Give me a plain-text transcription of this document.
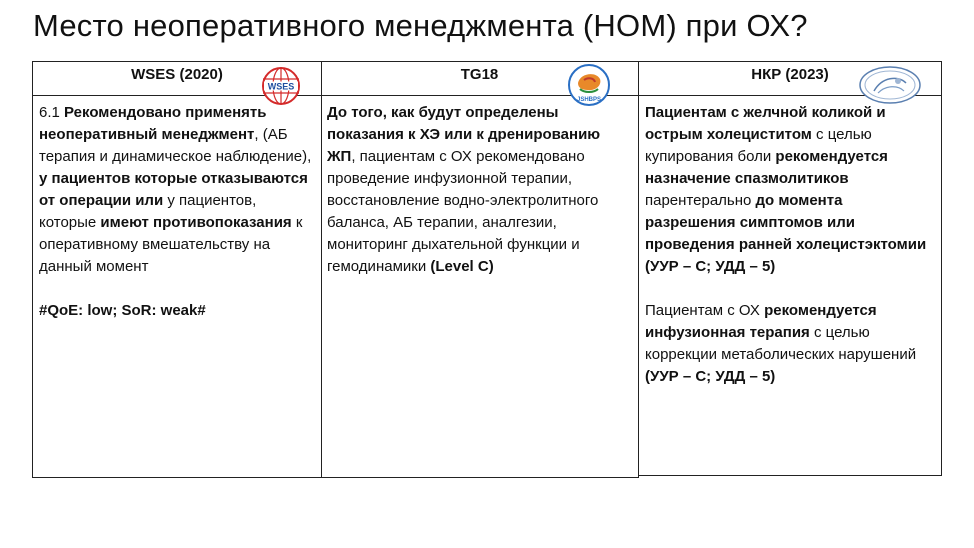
Место неоперативного менеджмента (НОМ) при ОХ?
WSES (2020)

6.1 Рекомендовано применять неоперативный менеджмент, (АБ терапия и динамическое наблюдение), у пациентов которые отказываются от операции или у пациентов, которые имеют противопоказания к оперативному вмешательству на данный момент

#QoE: low; SoR: weak#

TG18

До того, как будут определены показания к ХЭ или к дренированию ЖП, пациентам с ОХ рекомендовано проведение инфузионной терапии, восстановление водно-электролитного баланса, АБ терапии, аналгезии, мониторинг дыхательной функции и гемодинамики (Level C)

НКР (2023)

Пациентам с желчной коликой и острым холециститом с целью купирования боли рекомендуется назначение спазмолитиков парентерально до момента разрешения симптомов или проведения ранней холецистэктомии
(УУР – С; УДД – 5)

Пациентам с ОХ рекомендуется инфузионная терапия с целью коррекции метаболических нарушений
(УУР – С; УДД – 5)

WSES
JSHBPS
